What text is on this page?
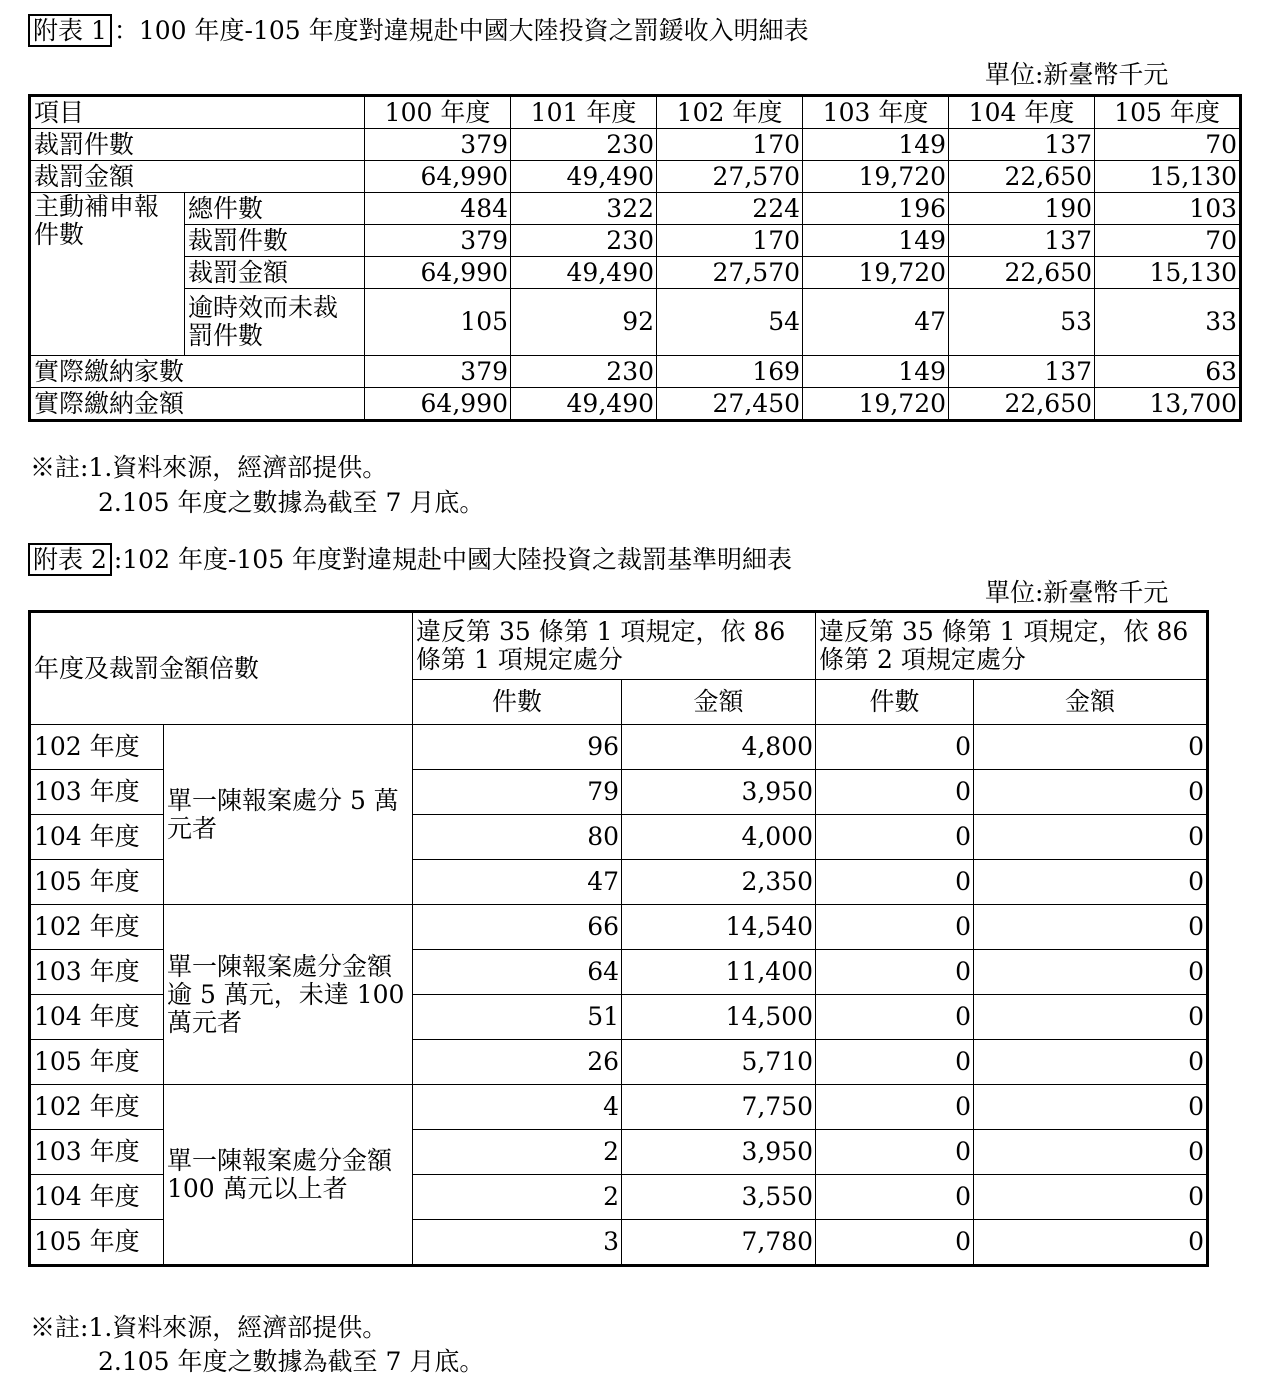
附表 1 ：100 年度-105 年度對違規赴中國大陸投資之罰鍰收入明細表
單位:新臺幣千元
項目		100 年度	101 年度	102 年度	103 年度	104 年度	105 年度
裁罰件數		379	230	170	149	137	70
裁罰金額		64,990	49,490	27,570	19,720	22,650	15,130
主動補申報件數	總件數	484	322	224	196	190	103
	裁罰件數	379	230	170	149	137	70
	裁罰金額	64,990	49,490	27,570	19,720	22,650	15,130
	逾時效而未裁罰件數	105	92	54	47	53	33
實際繳納家數		379	230	169	149	137	63
實際繳納金額		64,990	49,490	27,450	19,720	22,650	13,700
※註:1.資料來源，經濟部提供。
2.105 年度之數據為截至 7 月底。
附表 2 :102 年度-105 年度對違規赴中國大陸投資之裁罰基準明細表
單位:新臺幣千元
年度及裁罰金額倍數		違反第 35 條第 1 項規定，依 86 條第 1 項規定處分		違反第 35 條第 1 項規定，依 86 條第 2 項規定處分	
		件數	金額	件數	金額
102 年度	單一陳報案處分 5 萬元者	96	4,800	0	0
103 年度		79	3,950	0	0
104 年度		80	4,000	0	0
105 年度		47	2,350	0	0
102 年度	單一陳報案處分金額逾 5 萬元，未達 100 萬元者	66	14,540	0	0
103 年度		64	11,400	0	0
104 年度		51	14,500	0	0
105 年度		26	5,710	0	0
102 年度	單一陳報案處分金額 100 萬元以上者	4	7,750	0	0
103 年度		2	3,950	0	0
104 年度		2	3,550	0	0
105 年度		3	7,780	0	0
※註:1.資料來源，經濟部提供。
2.105 年度之數據為截至 7 月底。
